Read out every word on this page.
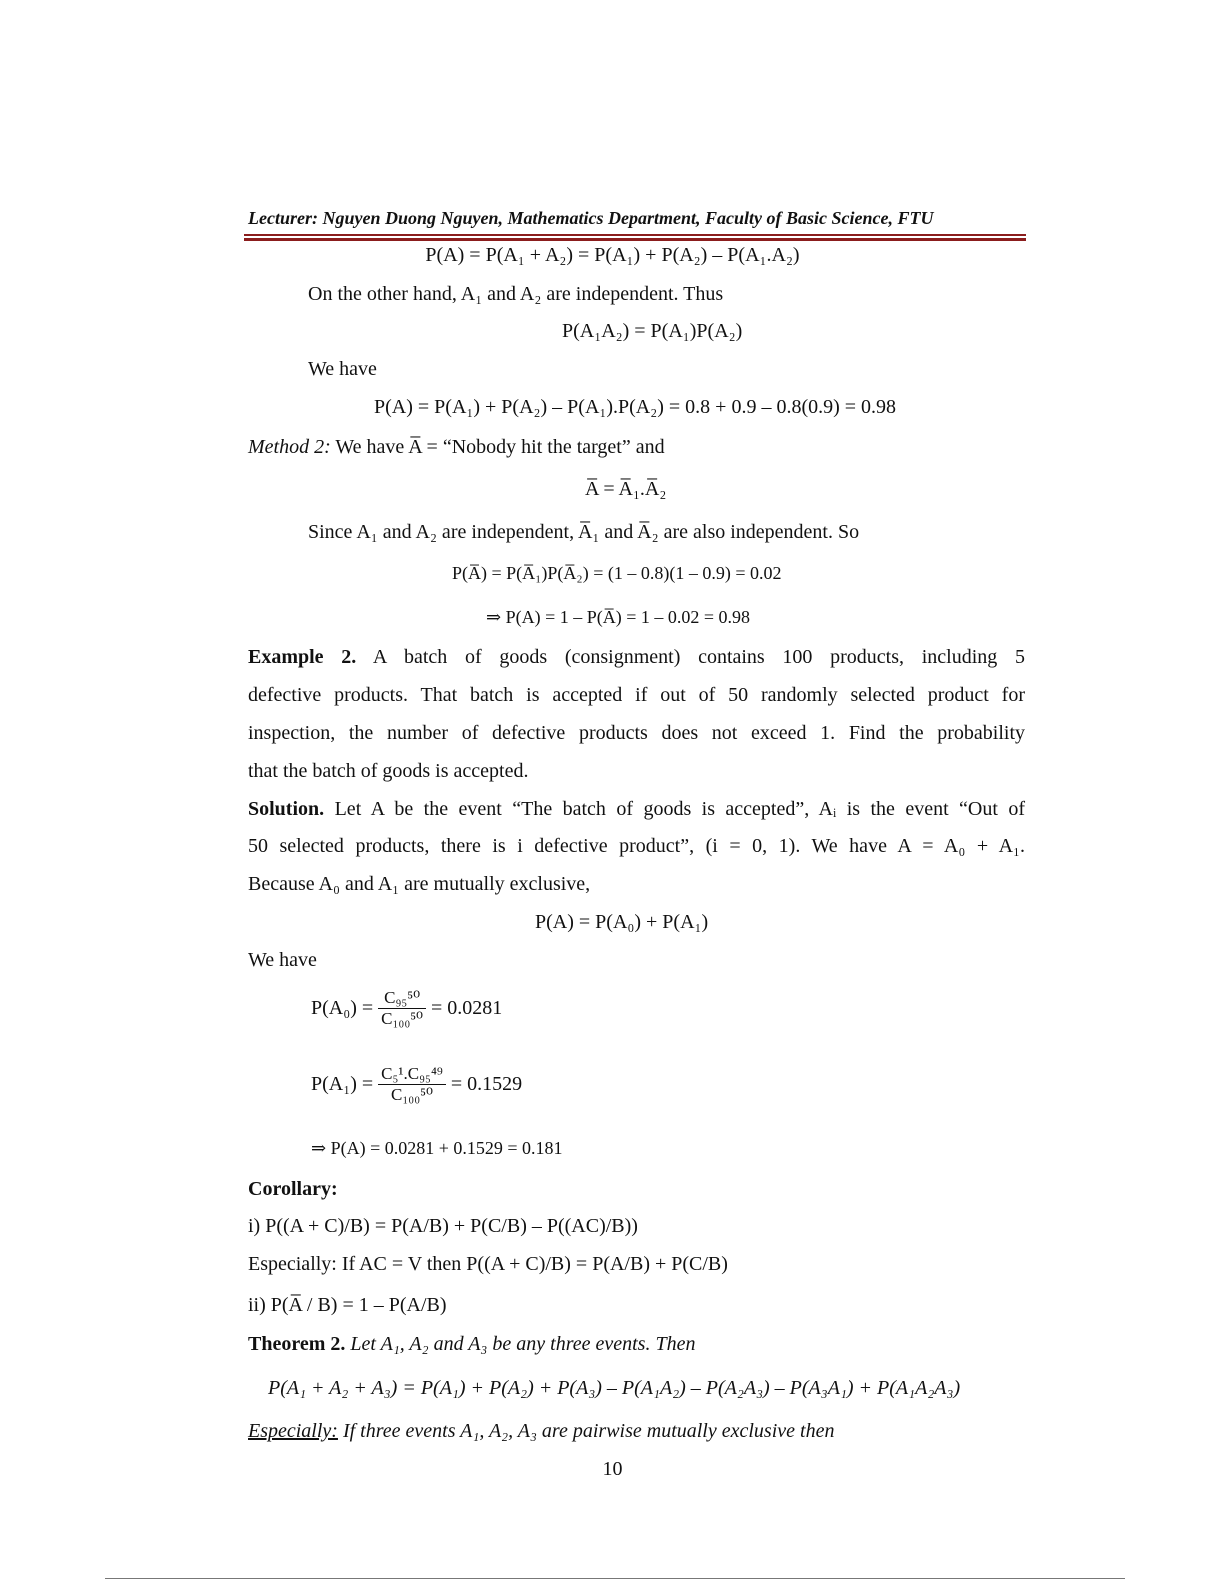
Lecturer: Nguyen Duong Nguyen, Mathematics Department, Faculty of Basic Science, FTU
P(A) = P(A₁ + A₂) = P(A₁) + P(A₂) – P(A₁.A₂)
On the other hand, A₁ and A₂ are independent. Thus
P(A₁A₂) = P(A₁)P(A₂)
We have
P(A) = P(A₁) + P(A₂) – P(A₁).P(A₂) = 0.8 + 0.9 – 0.8(0.9) = 0.98
Method 2: We have A̅ = “Nobody hit the target” and
A̅ = A̅₁.A̅₂
Since A₁ and A₂ are independent, A̅₁ and A̅₂ are also independent. So
P(A̅) = P(A̅₁)P(A̅₂) = (1 – 0.8)(1 – 0.9) = 0.02
⇒ P(A) = 1 – P(A̅) = 1 – 0.02 = 0.98
Example 2. A batch of goods (consignment) contains 100 products, including 5
defective products. That batch is accepted if out of 50 randomly selected product for
inspection, the number of defective products does not exceed 1. Find the probability
that the batch of goods is accepted.
Solution. Let A be the event “The batch of goods is accepted”, Aᵢ is the event “Out of
50 selected products, there is i defective product”, (i = 0, 1). We have A = A₀ + A₁.
Because A₀ and A₁ are mutually exclusive,
P(A) = P(A₀) + P(A₁)
We have
$P(A_0) = \frac{\text{C₉₅⁵⁰}}{\text{C₁₀₀⁵⁰}} = 0.0281$
$P(A_1) = \frac{\text{C₅¹.C₉₅⁴⁹}}{\text{C₁₀₀⁵⁰}} = 0.1529$
⇒ P(A) = 0.0281 + 0.1529 = 0.181
Corollary:
i) P((A + C)/B) = P(A/B) + P(C/B) – P((AC)/B))
Especially: If AC = V then P((A + C)/B) = P(A/B) + P(C/B)
ii) P(A̅ / B) = 1 – P(A/B)
Theorem 2. Let A₁, A₂ and A₃ be any three events. Then
P(A₁ + A₂ + A₃) = P(A₁) + P(A₂) + P(A₃) – P(A₁A₂) – P(A₂A₃) – P(A₃A₁) + P(A₁A₂A₃)
Especially: If three events A₁, A₂, A₃ are pairwise mutually exclusive then
10
